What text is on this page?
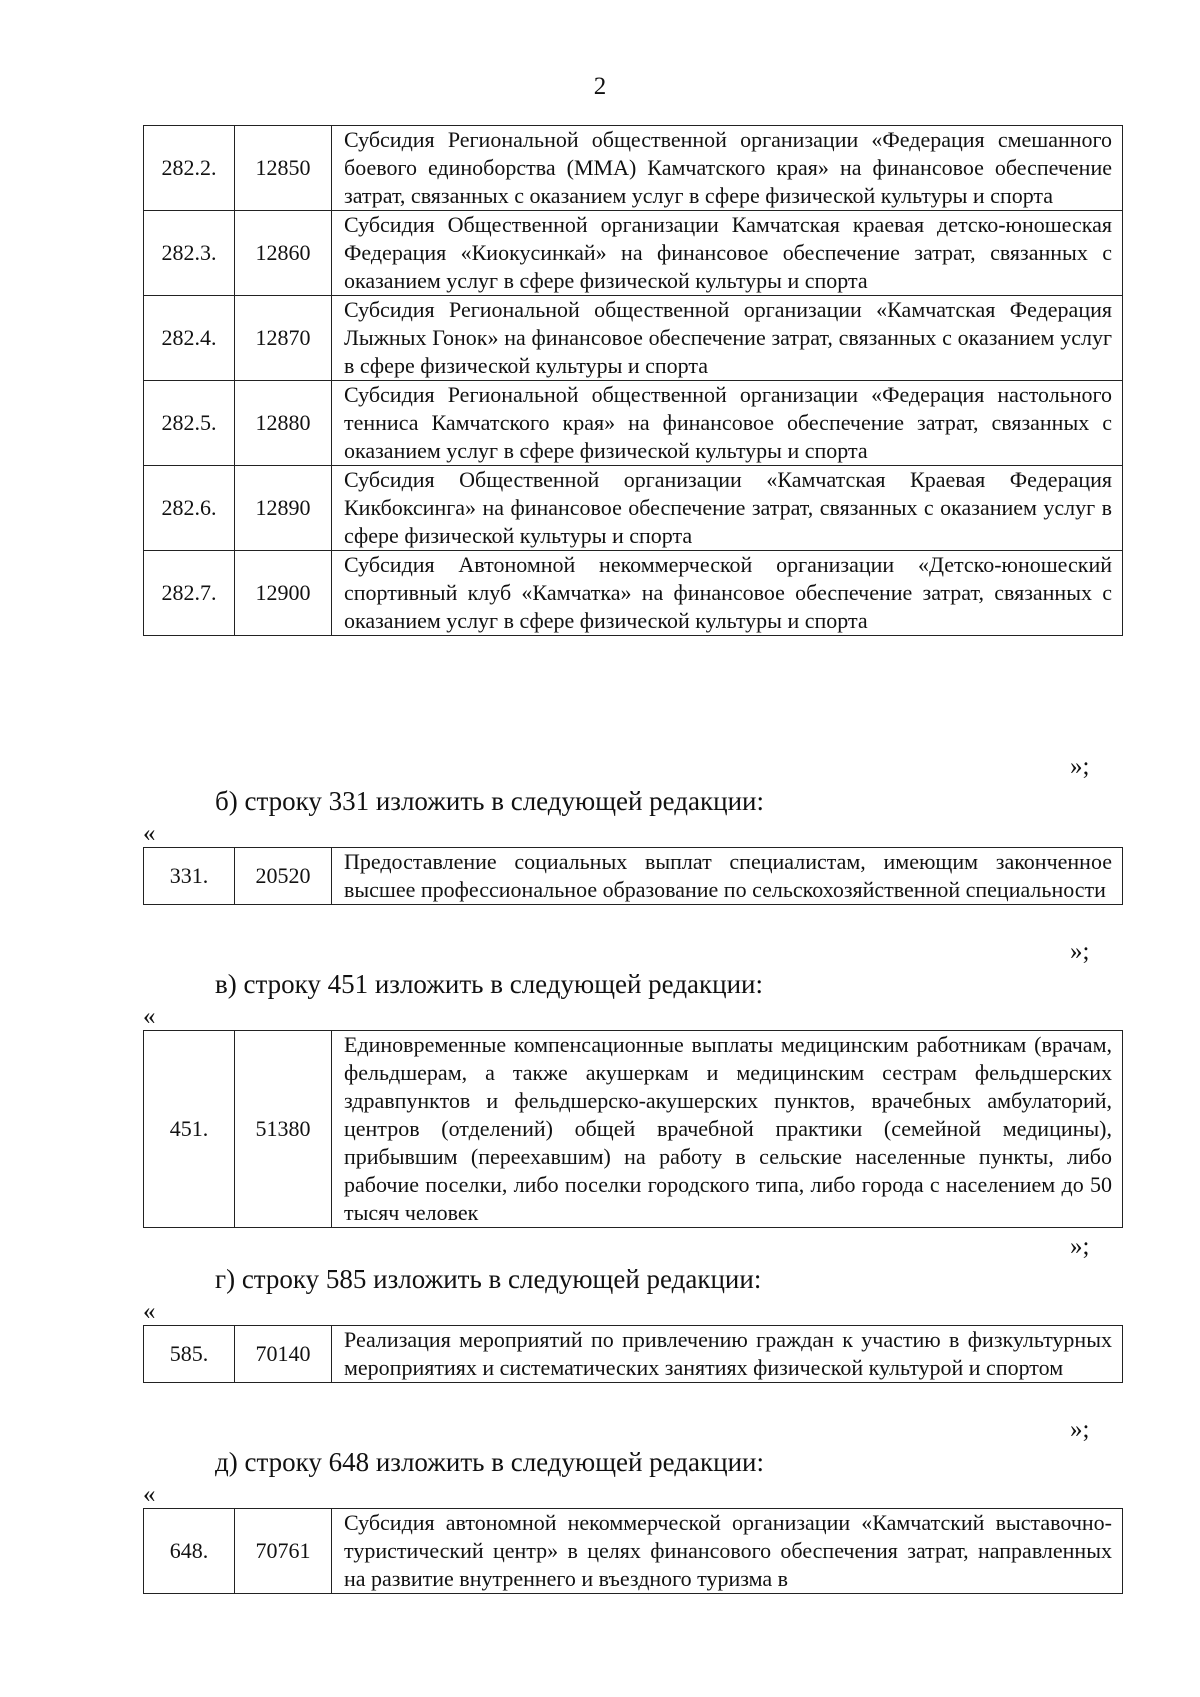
2
282.2.	12850	Субсидия Региональной общественной организации «Федерация смешанного боевого единоборства (ММА) Камчатского края» на финансовое обеспечение затрат, связанных с оказанием услуг в сфере физической культуры и спорта
282.3.	12860	Субсидия Общественной организации Камчатская краевая детско-юношеская Федерация «Киокусинкай» на финансовое обеспечение затрат, связанных с оказанием услуг в сфере физической культуры и спорта
282.4.	12870	Субсидия Региональной общественной организации «Камчатская Федерация Лыжных Гонок» на финансовое обеспечение затрат, связанных с оказанием услуг в сфере физической культуры и спорта
282.5.	12880	Субсидия Региональной общественной организации «Федерация настольного тенниса Камчатского края» на финансовое обеспечение затрат, связанных с оказанием услуг в сфере физической культуры и спорта
282.6.	12890	Субсидия Общественной организации «Камчатская Краевая Федерация Кикбоксинга» на финансовое обеспечение затрат, связанных с оказанием услуг в сфере физической культуры и спорта
282.7.	12900	Субсидия Автономной некоммерческой организации «Детско-юношеский спортивный клуб «Камчатка» на финансовое обеспечение затрат, связанных с оказанием услуг в сфере физической культуры и спорта
»;
б) строку 331 изложить в следующей редакции:
«
331.	20520	Предоставление социальных выплат специалистам, имеющим законченное высшее профессиональное образование по сельскохозяйственной специальности
»;
в) строку 451 изложить в следующей редакции:
«
451.	51380	Единовременные компенсационные выплаты медицинским работникам (врачам, фельдшерам, а также акушеркам и медицинским сестрам фельдшерских здравпунктов и фельдшерско-акушерских пунктов, врачебных амбулаторий, центров (отделений) общей врачебной практики (семейной медицины), прибывшим (переехавшим) на работу в сельские населенные пункты, либо рабочие поселки, либо поселки городского типа, либо города с населением до 50 тысяч человек
»;
г) строку 585 изложить в следующей редакции:
«
585.	70140	Реализация мероприятий по привлечению граждан к участию в физкультурных мероприятиях и систематических занятиях физической культурой и спортом
»;
д) строку 648 изложить в следующей редакции:
«
648.	70761	Субсидия автономной некоммерческой организации «Камчатский выставочно-туристический центр» в целях финансового обеспечения затрат, направленных на развитие внутреннего и въездного туризма в
